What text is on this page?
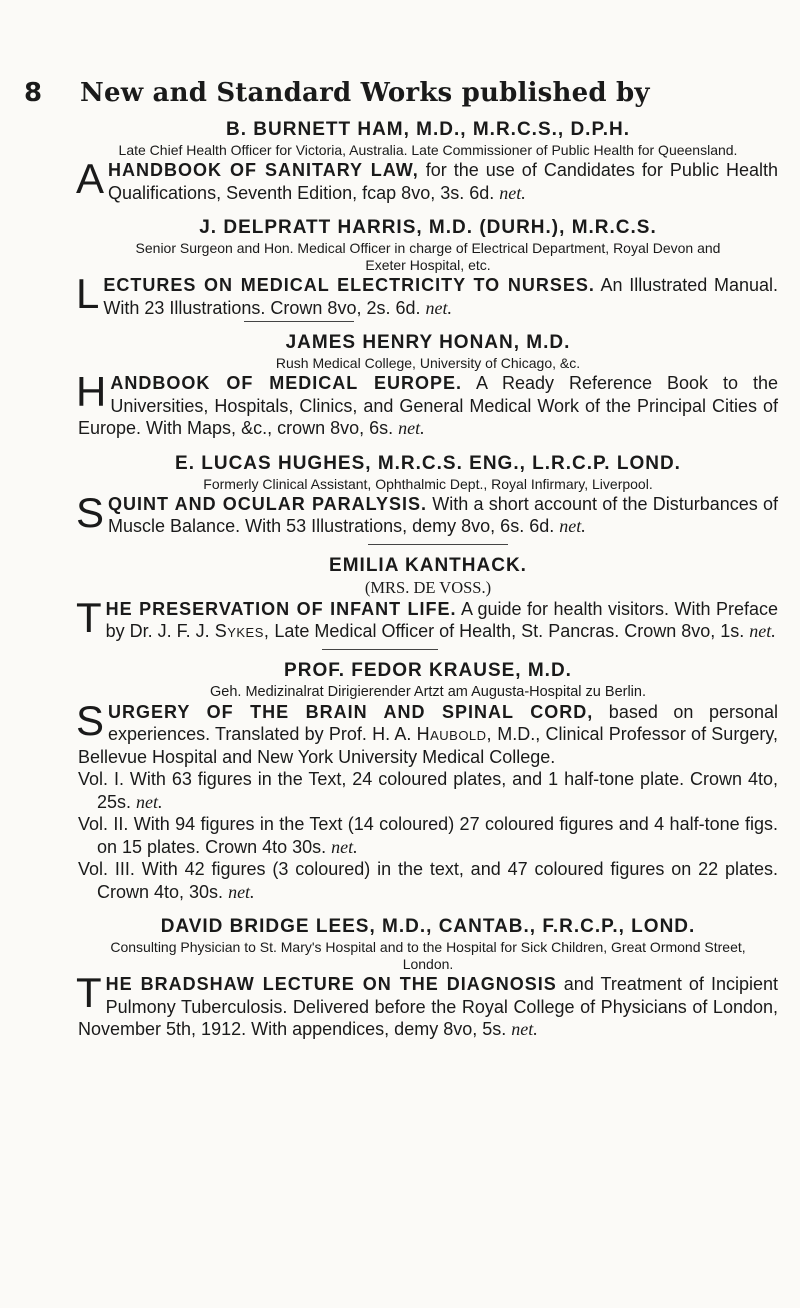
8 New and Standard Works published by
B. BURNETT HAM, M.D., M.R.C.S., D.P.H.
Late Chief Health Officer for Victoria, Australia. Late Commissioner of Public Health for Queensland.
A HANDBOOK OF SANITARY LAW, for the use of Candidates for Public Health Qualifications, Seventh Edition, fcap 8vo, 3s. 6d. net.

J. DELPRATT HARRIS, M.D. (DURH.), M.R.C.S.
Senior Surgeon and Hon. Medical Officer in charge of Electrical Department, Royal Devon and Exeter Hospital, etc.
L ECTURES ON MEDICAL ELECTRICITY TO NURSES. An Illustrated Manual. With 23 Illustrations. Crown 8vo, 2s. 6d. net.

JAMES HENRY HONAN, M.D.
Rush Medical College, University of Chicago, &c.
H ANDBOOK OF MEDICAL EUROPE. A Ready Reference Book to the Universities, Hospitals, Clinics, and General Medical Work of the Principal Cities of Europe. With Maps, &c., crown 8vo, 6s. net.

E. LUCAS HUGHES, M.R.C.S. ENG., L.R.C.P. LOND.
Formerly Clinical Assistant, Ophthalmic Dept., Royal Infirmary, Liverpool.
S QUINT AND OCULAR PARALYSIS. With a short account of the Disturbances of Muscle Balance. With 53 Illustrations, demy 8vo, 6s. 6d. net.

EMILIA KANTHACK.
(MRS. DE VOSS.)
T HE PRESERVATION OF INFANT LIFE. A guide for health visitors. With Preface by Dr. J. F. J. Sykes, Late Medical Officer of Health, St. Pancras. Crown 8vo, 1s. net.

PROF. FEDOR KRAUSE, M.D.
Geh. Medizinalrat Dirigierender Artzt am Augusta-Hospital zu Berlin.
S URGERY OF THE BRAIN AND SPINAL CORD, based on personal experiences. Translated by Prof. H. A. Haubold, M.D., Clinical Professor of Surgery, Bellevue Hospital and New York University Medical College.

Vol. I. With 63 figures in the Text, 24 coloured plates, and 1 half-tone plate. Crown 4to, 25s. net.

Vol. II. With 94 figures in the Text (14 coloured) 27 coloured figures and 4 half-tone figs. on 15 plates. Crown 4to 30s. net.

Vol. III. With 42 figures (3 coloured) in the text, and 47 coloured figures on 22 plates. Crown 4to, 30s. net.

DAVID BRIDGE LEES, M.D., CANTAB., F.R.C.P., LOND.
Consulting Physician to St. Mary's Hospital and to the Hospital for Sick Children, Great Ormond Street, London.
T HE BRADSHAW LECTURE ON THE DIAGNOSIS and Treatment of Incipient Pulmony Tuberculosis. Delivered before the Royal College of Physicians of London, November 5th, 1912. With appendices, demy 8vo, 5s. net.
